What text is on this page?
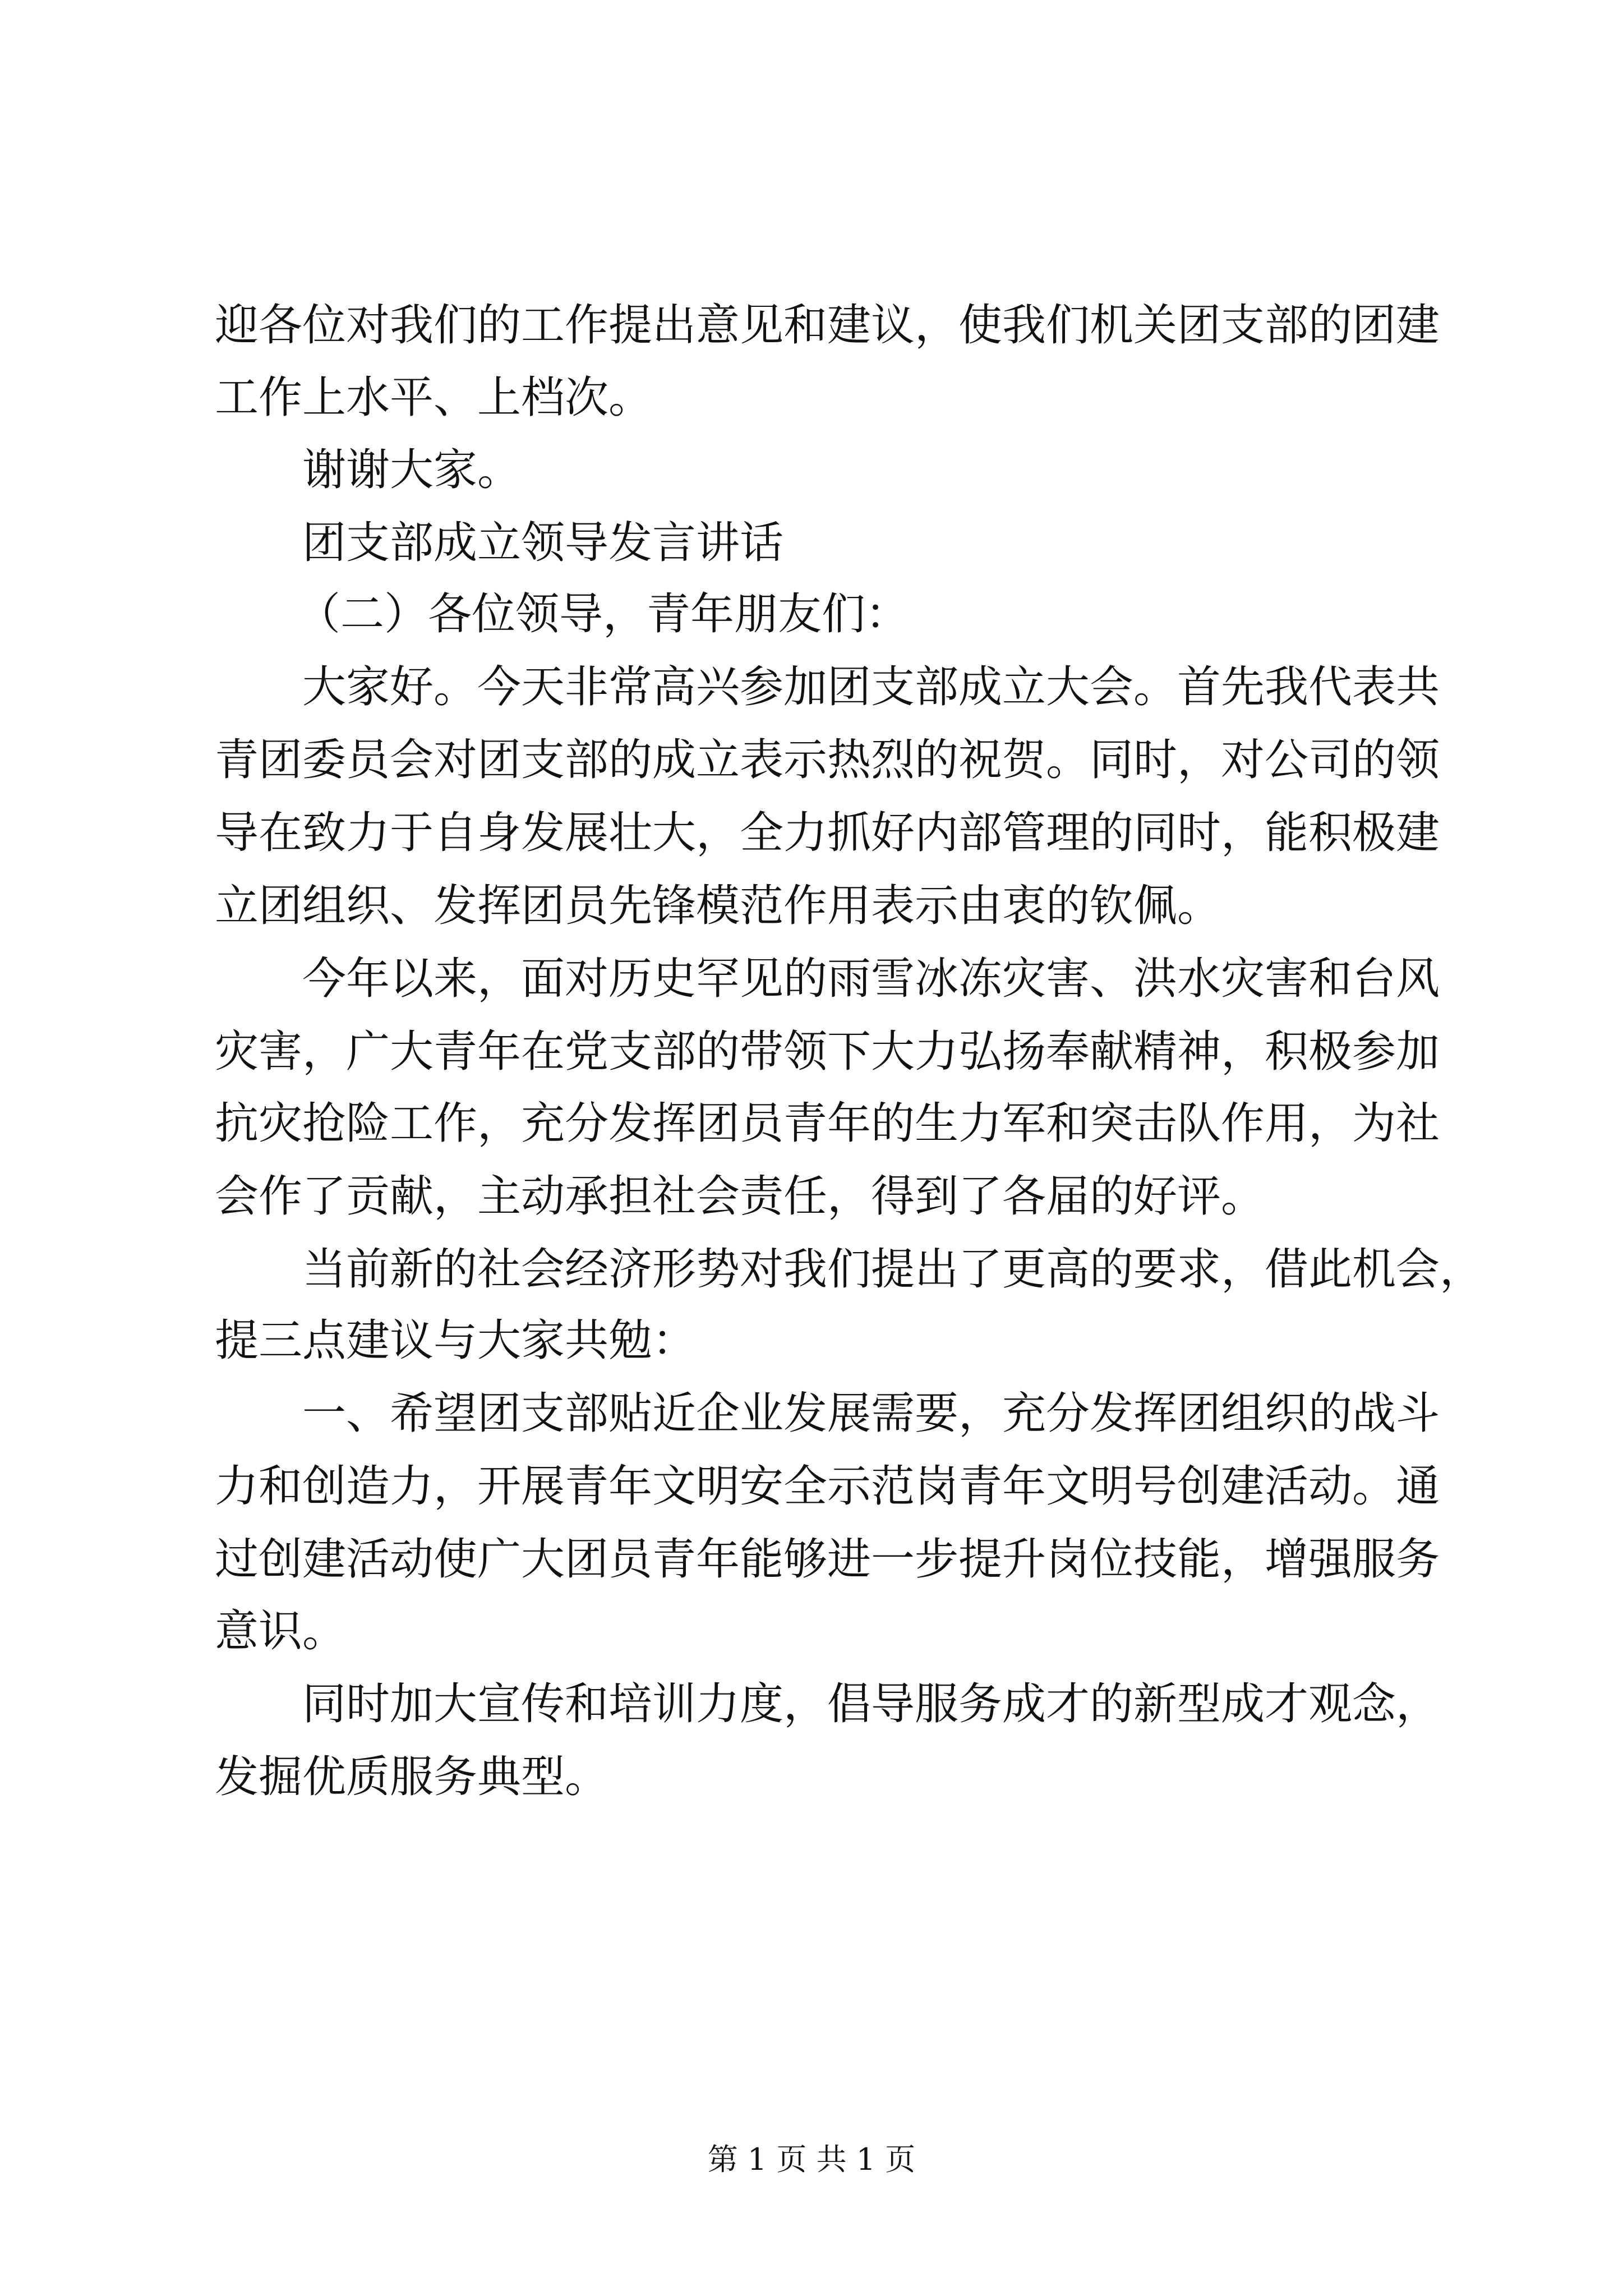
迎各位对我们的工作提出意见和建议，使我们机关团支部的团建
工作上水平、上档次。
谢谢大家。
团支部成立领导发言讲话
（二）各位领导，青年朋友们：
大家好。今天非常高兴参加团支部成立大会。首先我代表共
青团委员会对团支部的成立表示热烈的祝贺。同时，对公司的领
导在致力于自身发展壮大，全力抓好内部管理的同时，能积极建
立团组织、发挥团员先锋模范作用表示由衷的钦佩。
今年以来，面对历史罕见的雨雪冰冻灾害、洪水灾害和台风
灾害，广大青年在党支部的带领下大力弘扬奉献精神，积极参加
抗灾抢险工作，充分发挥团员青年的生力军和突击队作用，为社
会作了贡献，主动承担社会责任，得到了各届的好评。
当前新的社会经济形势对我们提出了更高的要求，借此机会，
提三点建议与大家共勉：
一、希望团支部贴近企业发展需要，充分发挥团组织的战斗
力和创造力，开展青年文明安全示范岗青年文明号创建活动。通
过创建活动使广大团员青年能够进一步提升岗位技能，增强服务
意识。
同时加大宣传和培训力度，倡导服务成才的新型成才观念，
发掘优质服务典型。
第 1 页 共 1 页
